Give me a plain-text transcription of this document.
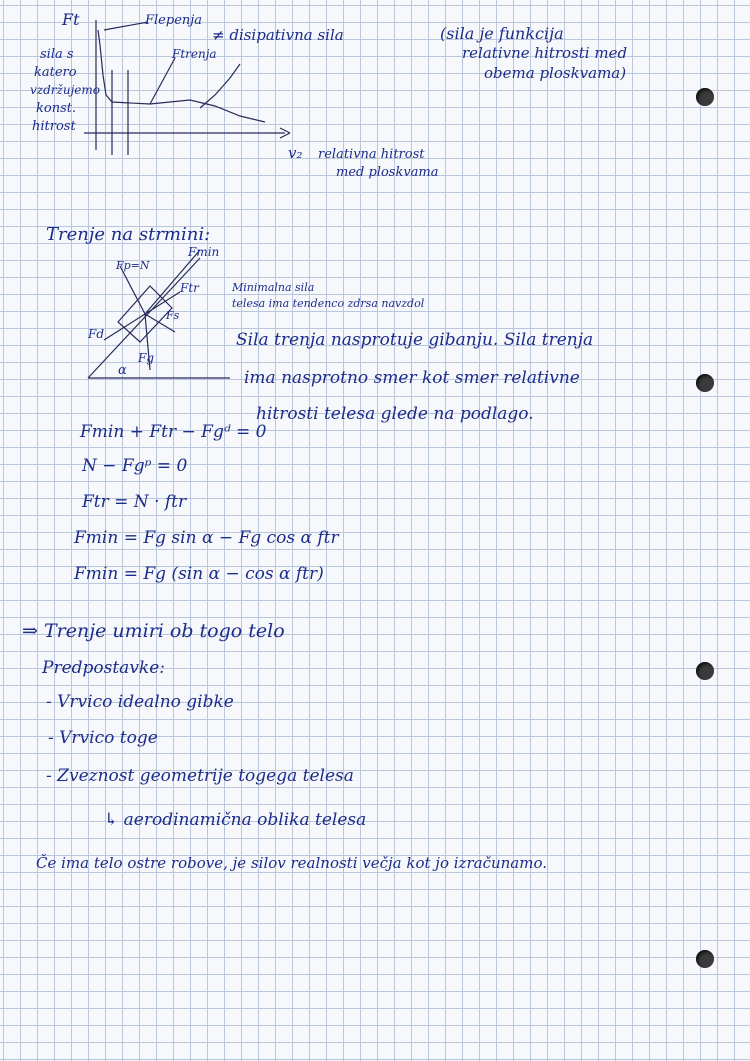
Ft
sila s
katero
vzdržujemo
konst.
hitrost
Flepenja
Ftrenja
v₂ relativna hitrost
med ploskvama
≠ disipativna sila	(sila je funkcija
relativne hitrosti med
obema ploskvama)
Trenje na strmini:
Fmin
Ftr
Fp=N
Fs
Fd
Fg
α
Minimalna sila
telesa ima tendenco zdrsa navzdol
Sila trenja nasprotuje gibanju. Sila trenja
ima nasprotno smer kot smer relativne
hitrosti telesa glede na podlago.
Fmin + Ftr − Fgᵈ = 0
N − Fgᵖ = 0
Ftr = N · ftr
Fmin = Fg sin α − Fg cos α ftr
Fmin = Fg (sin α − cos α ftr)
⇒ Trenje umiri ob togo telo
Predpostavke:
- Vrvico idealno gibke
- Vrvico toge
- Zveznost geometrije togega telesa
↳ aerodinamična oblika telesa
Če ima telo ostre robove, je silov realnosti večja kot jo izračunamo.
